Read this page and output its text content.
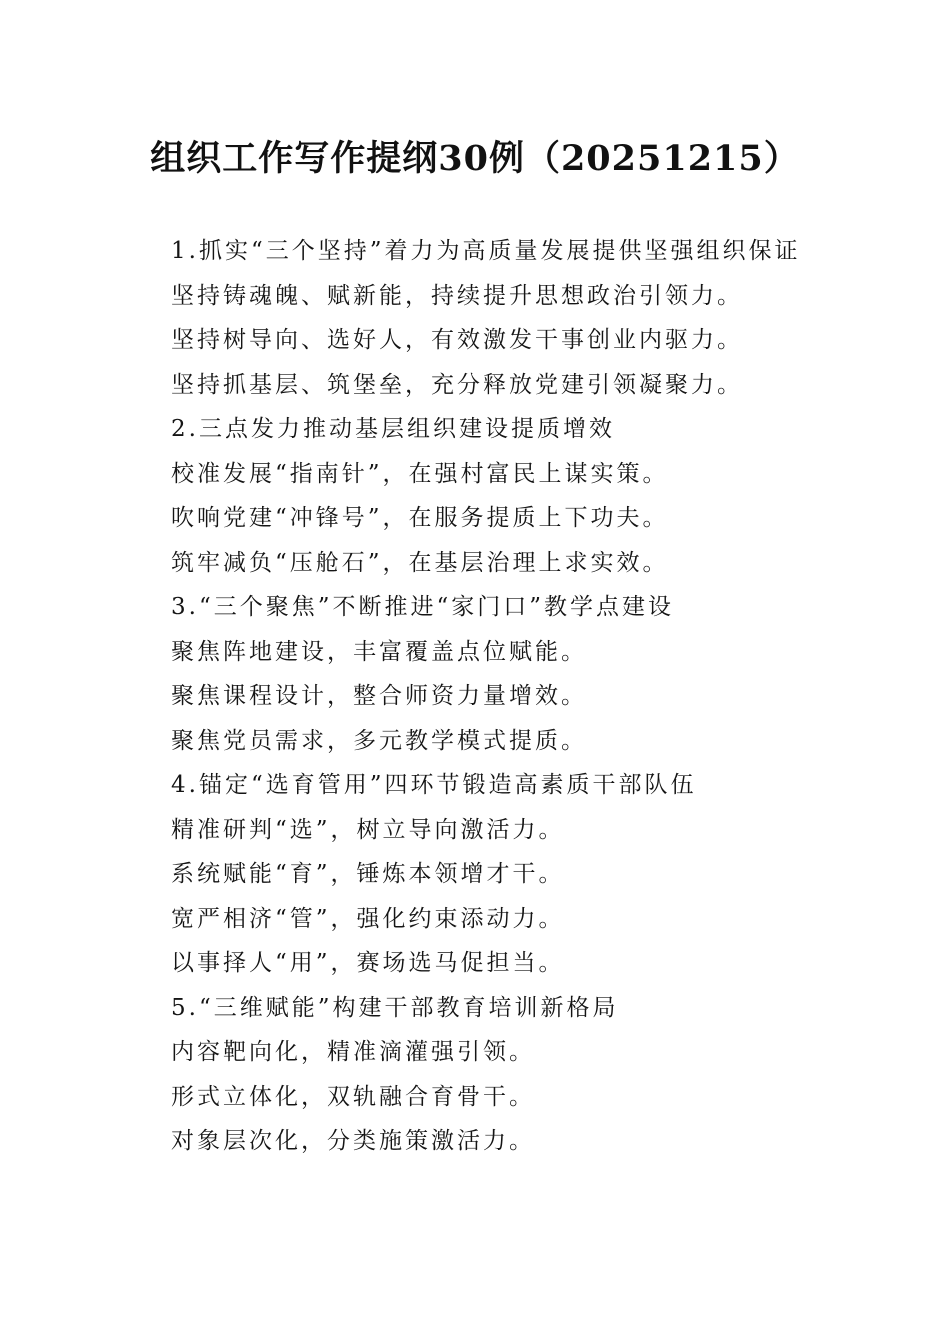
组织工作写作提纲30例（20251215）
1.抓实“三个坚持”着力为高质量发展提供坚强组织保证
坚持铸魂魄、赋新能，持续提升思想政治引领力。
坚持树导向、选好人，有效激发干事创业内驱力。
坚持抓基层、筑堡垒，充分释放党建引领凝聚力。
2.三点发力推动基层组织建设提质增效
校准发展“指南针”，在强村富民上谋实策。
吹响党建“冲锋号”，在服务提质上下功夫。
筑牢减负“压舱石”，在基层治理上求实效。
3.“三个聚焦”不断推进“家门口”教学点建设
聚焦阵地建设，丰富覆盖点位赋能。
聚焦课程设计，整合师资力量增效。
聚焦党员需求，多元教学模式提质。
4.锚定“选育管用”四环节锻造高素质干部队伍
精准研判“选”，树立导向激活力。
系统赋能“育”，锤炼本领增才干。
宽严相济“管”，强化约束添动力。
以事择人“用”，赛场选马促担当。
5.“三维赋能”构建干部教育培训新格局
内容靶向化，精准滴灌强引领。
形式立体化，双轨融合育骨干。
对象层次化，分类施策激活力。
